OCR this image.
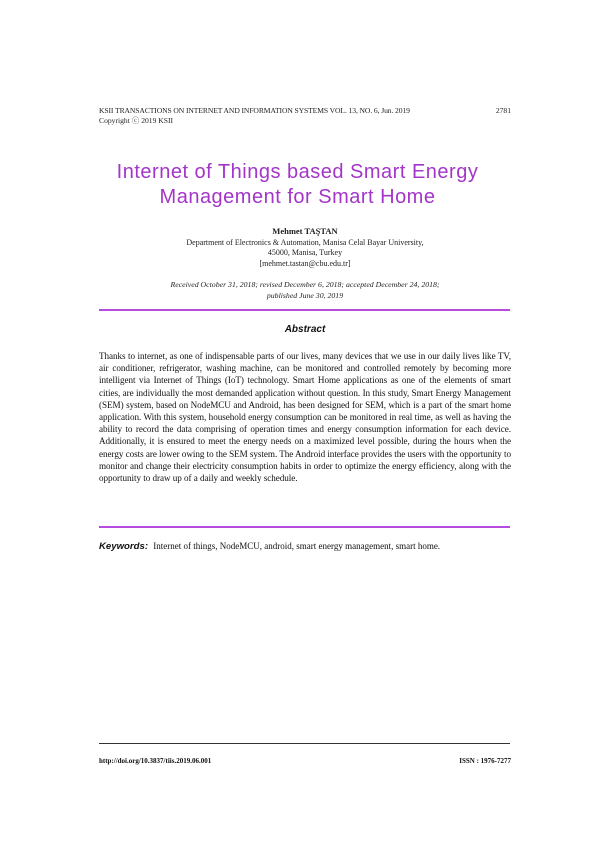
KSII TRANSACTIONS ON INTERNET AND INFORMATION SYSTEMS VOL. 13, NO. 6, Jun. 2019	2781
Copyright ⓒ 2019 KSII
Internet of Things based Smart Energy
Management for Smart Home
Mehmet TAŞTAN
Department of Electronics & Automation, Manisa Celal Bayar University,
45000, Manisa, Turkey
[mehmet.tastan@cbu.edu.tr]
Received October 31, 2018; revised December 6, 2018; accepted December 24, 2018;
published June 30, 2019
Abstract
Thanks to internet, as one of indispensable parts of our lives, many devices that we use in our daily lives like TV, air conditioner, refrigerator, washing machine, can be monitored and controlled remotely by becoming more intelligent via Internet of Things (IoT) technology. Smart Home applications as one of the elements of smart cities, are individually the most demanded application without question. In this study, Smart Energy Management (SEM) system, based on NodeMCU and Android, has been designed for SEM, which is a part of the smart home application. With this system, household energy consumption can be monitored in real time, as well as having the ability to record the data comprising of operation times and energy consumption information for each device. Additionally, it is ensured to meet the energy needs on a maximized level possible, during the hours when the energy costs are lower owing to the SEM system. The Android interface provides the users with the opportunity to monitor and change their electricity consumption habits in order to optimize the energy efficiency, along with the opportunity to draw up of a daily and weekly schedule.
Keywords: Internet of things, NodeMCU, android, smart energy management, smart home.
http://doi.org/10.3837/tiis.2019.06.001	ISSN : 1976-7277
